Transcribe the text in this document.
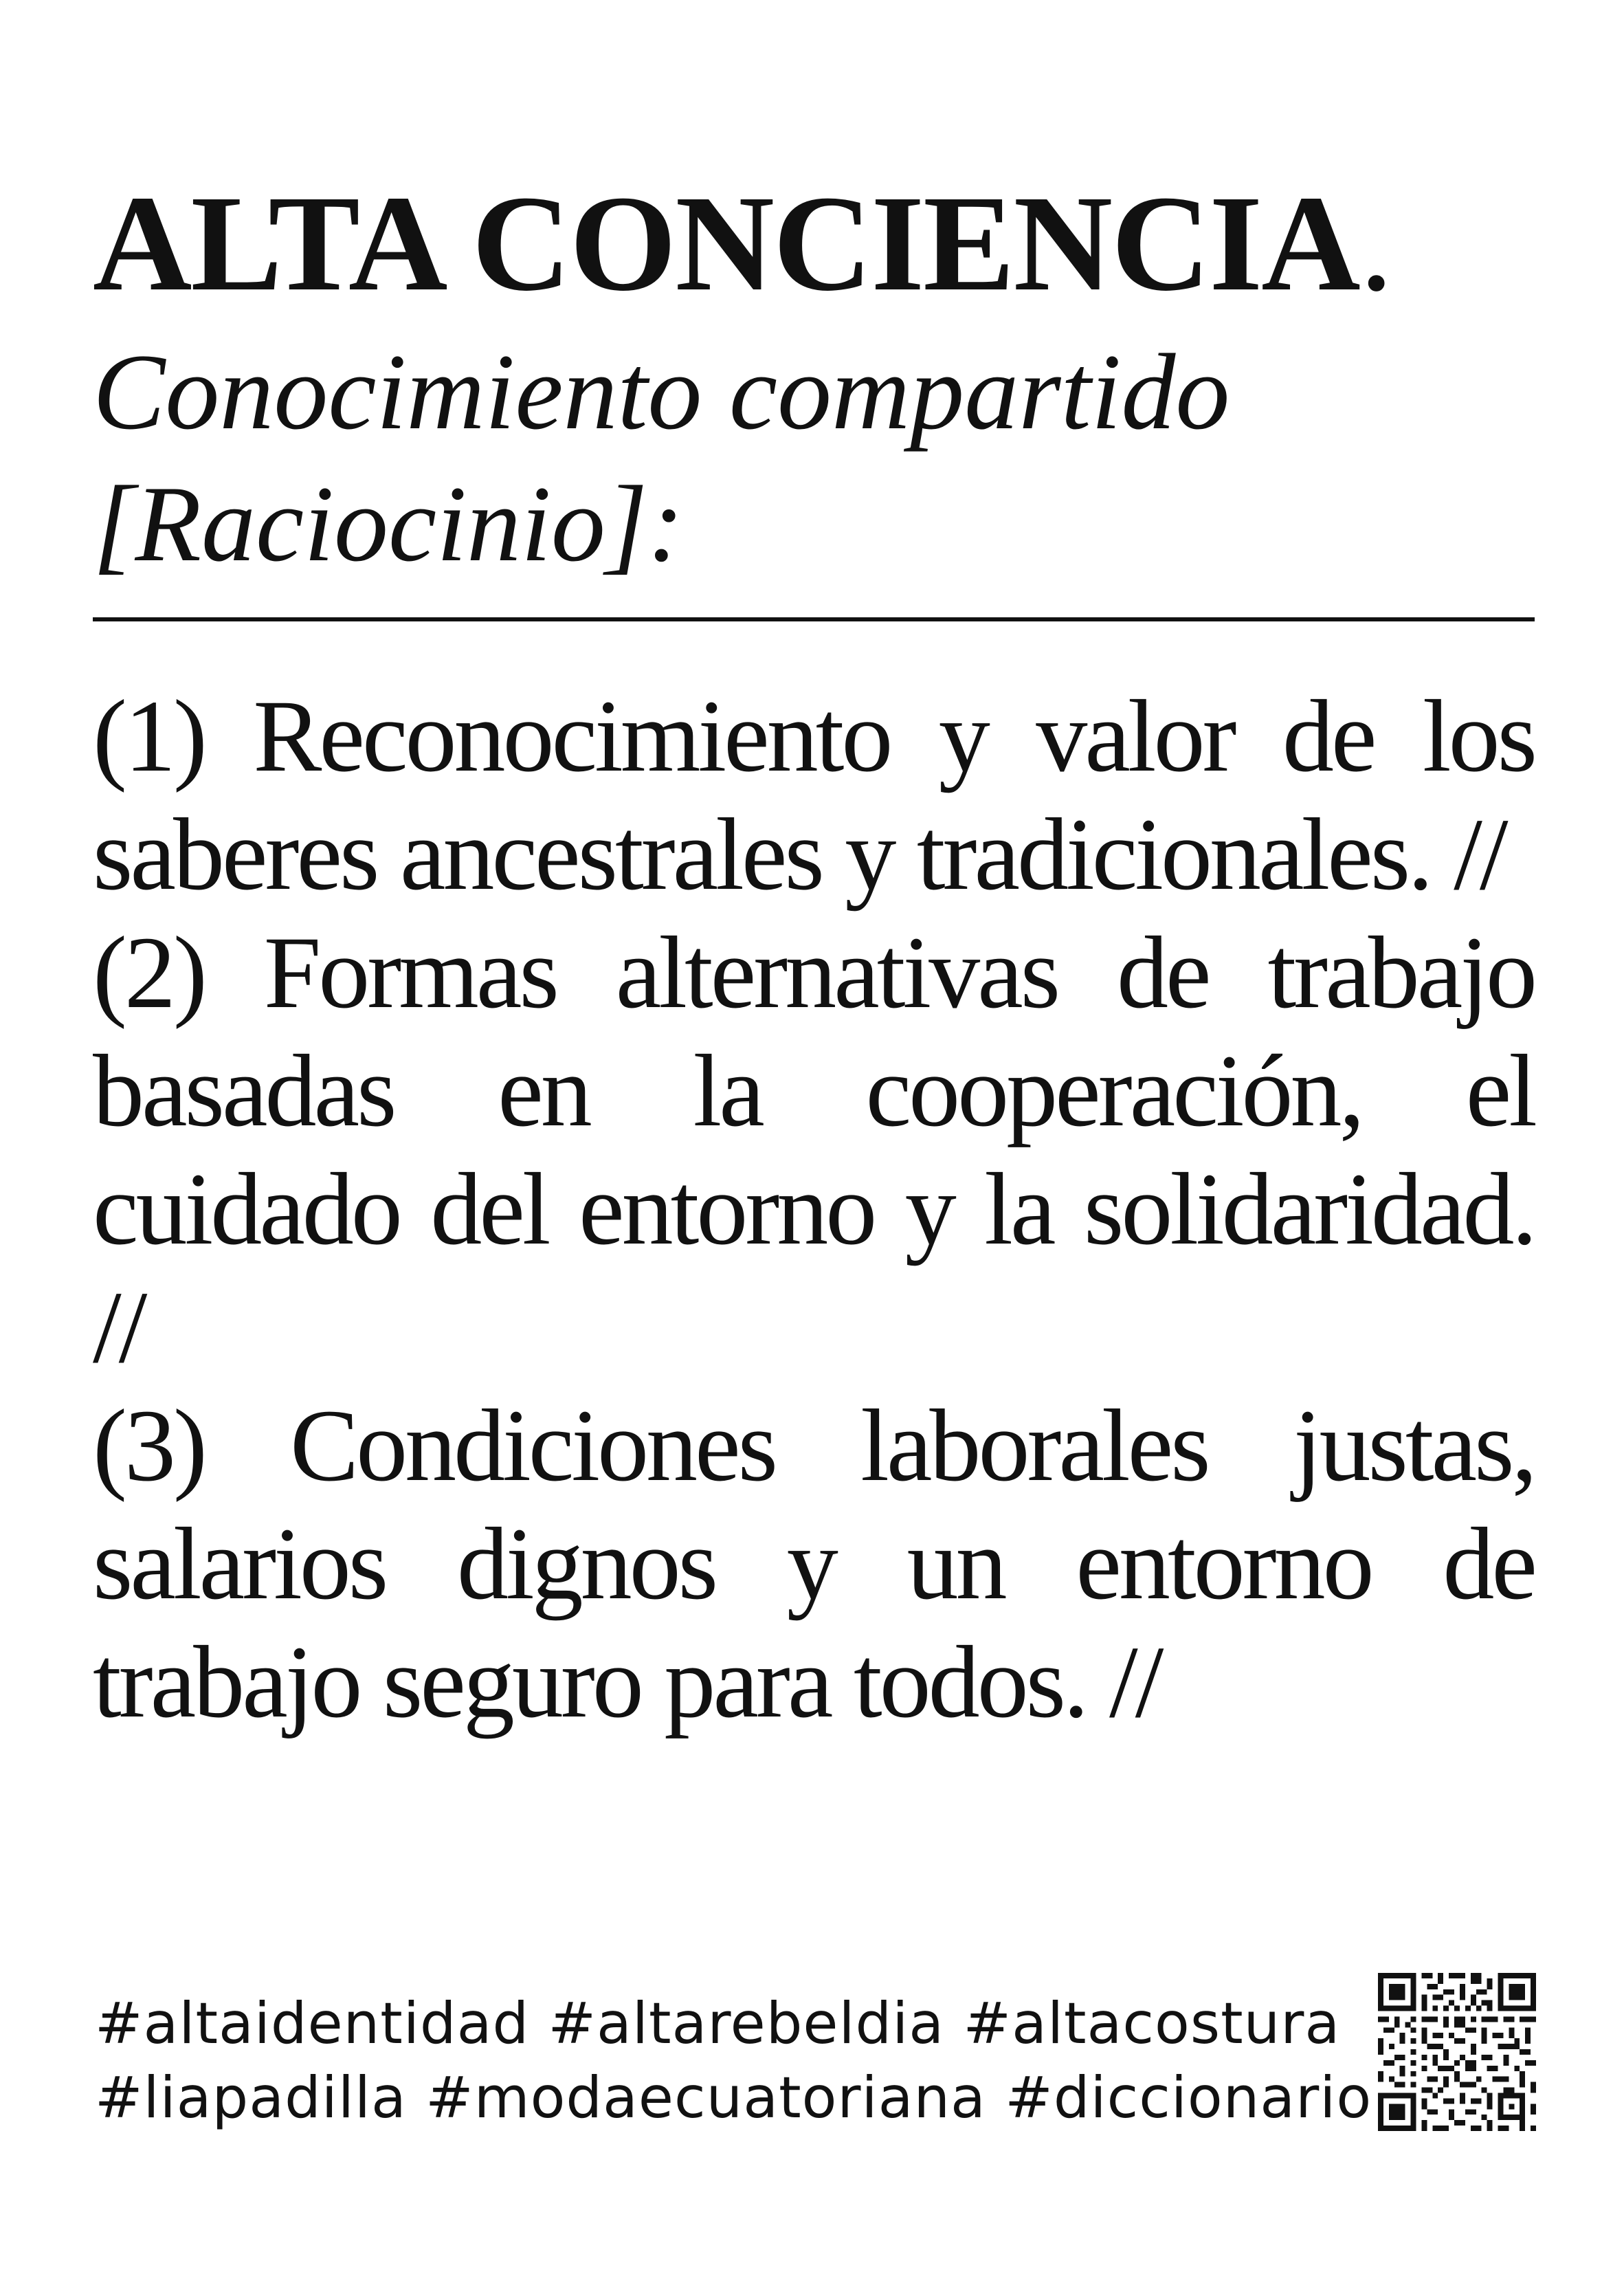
ALTA CONCIENCIA.

Conocimiento compartido
[Raciocinio]:

(1) Reconocimiento y valor de los saberes ancestrales y tradicionales. //
(2) Formas alternativas de trabajo basadas en la cooperación, el cuidado del entorno y la solidaridad. //
(3) Condiciones laborales justas, salarios dignos y un entorno de trabajo seguro para todos. //
#altaidentidad #altarebeldia #altacostura
#liapadilla #modaecuatoriana #diccionario
